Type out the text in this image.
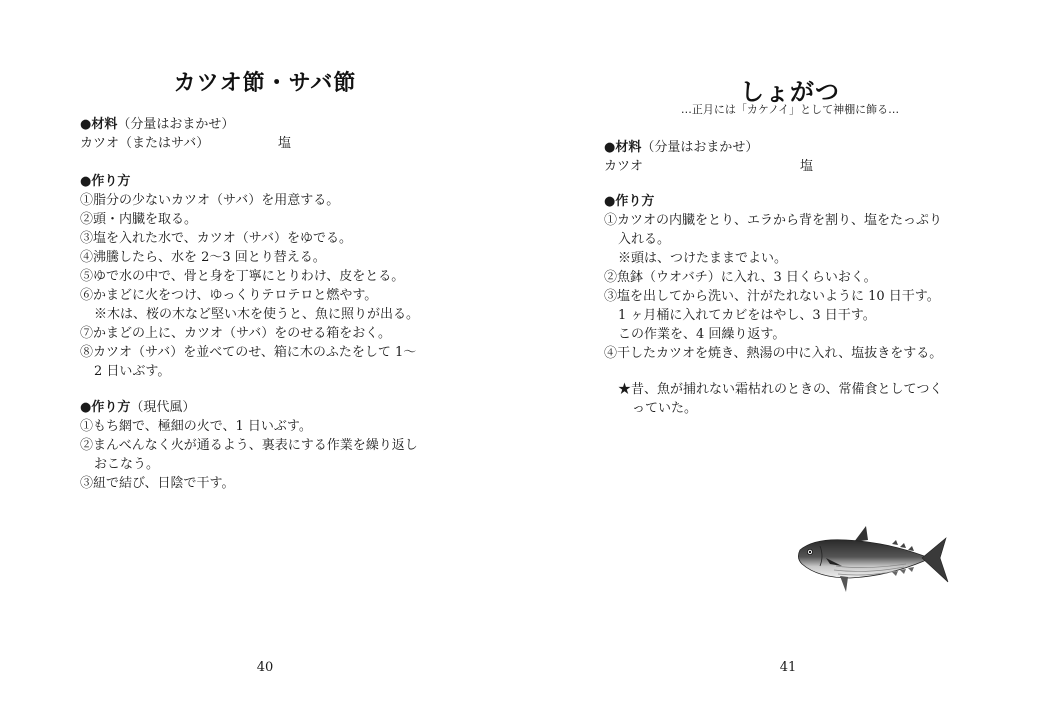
カツオ節・サバ節
●材料（分量はおまかせ）
カツオ（またはサバ）	塩
●作り方
①脂分の少ないカツオ（サバ）を用意する。
②頭・内臓を取る。
③塩を入れた水で、カツオ（サバ）をゆでる。
④沸騰したら、水を 2〜3 回とり替える。
⑤ゆで水の中で、骨と身を丁寧にとりわけ、皮をとる。
⑥かまどに火をつけ、ゆっくりテロテロと燃やす。
※木は、桜の木など堅い木を使うと、魚に照りが出る。
⑦かまどの上に、カツオ（サバ）をのせる箱をおく。
⑧カツオ（サバ）を並べてのせ、箱に木のふたをして 1〜
2 日いぶす。
●作り方（現代風）
①もち網で、極細の火で、1 日いぶす。
②まんべんなく火が通るよう、裏表にする作業を繰り返し
おこなう。
③紐で結び、日陰で干す。
40
しょがつ
…正月には「カケノイ」として神棚に飾る…
●材料（分量はおまかせ）
カツオ	塩
●作り方
①カツオの内臓をとり、エラから背を割り、塩をたっぷり
入れる。
※頭は、つけたままでよい。
②魚鉢（ウオバチ）に入れ、3 日くらいおく。
③塩を出してから洗い、汁がたれないように 10 日干す。
1 ヶ月桶に入れてカビをはやし、3 日干す。
この作業を、4 回繰り返す。
④干したカツオを焼き、熱湯の中に入れ、塩抜きをする。
★昔、魚が捕れない霜枯れのときの、常備食としてつく
っていた。
41
